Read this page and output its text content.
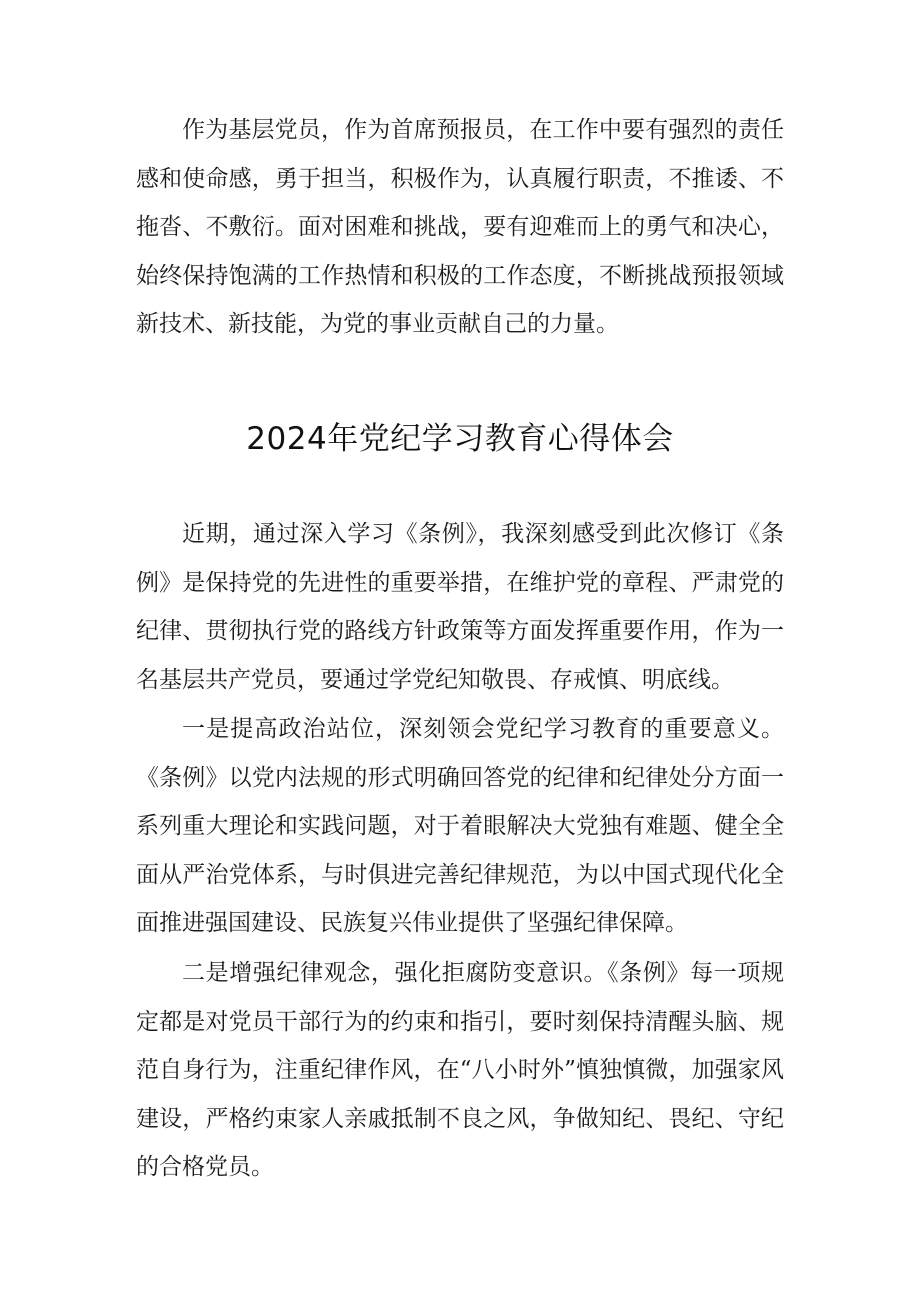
作为基层党员，作为首席预报员，在工作中要有强烈的责任感和使命感，勇于担当，积极作为，认真履行职责，不推诿、不拖沓、不敷衍。面对困难和挑战，要有迎难而上的勇气和决心，始终保持饱满的工作热情和积极的工作态度，不断挑战预报领域新技术、新技能，为党的事业贡献自己的力量。

2024年党纪学习教育心得体会

近期，通过深入学习《条例》，我深刻感受到此次修订《条例》是保持党的先进性的重要举措，在维护党的章程、严肃党的纪律、贯彻执行党的路线方针政策等方面发挥重要作用，作为一名基层共产党员，要通过学党纪知敬畏、存戒慎、明底线。

一是提高政治站位，深刻领会党纪学习教育的重要意义。《条例》以党内法规的形式明确回答党的纪律和纪律处分方面一系列重大理论和实践问题，对于着眼解决大党独有难题、健全全面从严治党体系，与时俱进完善纪律规范，为以中国式现代化全面推进强国建设、民族复兴伟业提供了坚强纪律保障。

二是增强纪律观念，强化拒腐防变意识。《条例》每一项规定都是对党员干部行为的约束和指引，要时刻保持清醒头脑、规范自身行为，注重纪律作风，在“八小时外”慎独慎微，加强家风建设，严格约束家人亲戚抵制不良之风，争做知纪、畏纪、守纪的合格党员。
